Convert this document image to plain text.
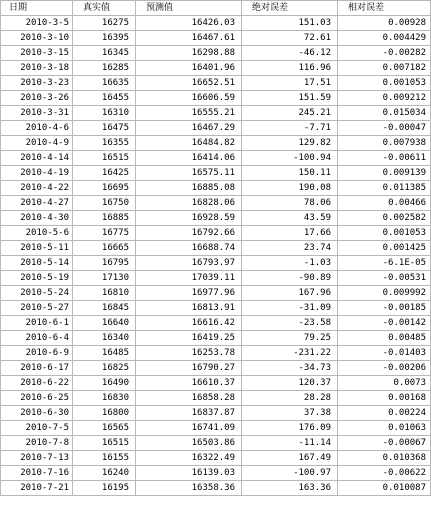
日期	真实值	预测值	绝对误差	相对误差
2010-3-5	16275	16426.03	151.03	0.00928
2010-3-10	16395	16467.61	72.61	0.004429
2010-3-15	16345	16298.88	-46.12	-0.00282
2010-3-18	16285	16401.96	116.96	0.007182
2010-3-23	16635	16652.51	17.51	0.001053
2010-3-26	16455	16606.59	151.59	0.009212
2010-3-31	16310	16555.21	245.21	0.015034
2010-4-6	16475	16467.29	-7.71	-0.00047
2010-4-9	16355	16484.82	129.82	0.007938
2010-4-14	16515	16414.06	-100.94	-0.00611
2010-4-19	16425	16575.11	150.11	0.009139
2010-4-22	16695	16885.08	190.08	0.011385
2010-4-27	16750	16828.06	78.06	0.00466
2010-4-30	16885	16928.59	43.59	0.002582
2010-5-6	16775	16792.66	17.66	0.001053
2010-5-11	16665	16688.74	23.74	0.001425
2010-5-14	16795	16793.97	-1.03	-6.1E-05
2010-5-19	17130	17039.11	-90.89	-0.00531
2010-5-24	16810	16977.96	167.96	0.009992
2010-5-27	16845	16813.91	-31.09	-0.00185
2010-6-1	16640	16616.42	-23.58	-0.00142
2010-6-4	16340	16419.25	79.25	0.00485
2010-6-9	16485	16253.78	-231.22	-0.01403
2010-6-17	16825	16790.27	-34.73	-0.00206
2010-6-22	16490	16610.37	120.37	0.0073
2010-6-25	16830	16858.28	28.28	0.00168
2010-6-30	16800	16837.87	37.38	0.00224
2010-7-5	16565	16741.09	176.09	0.01063
2010-7-8	16515	16503.86	-11.14	-0.00067
2010-7-13	16155	16322.49	167.49	0.010368
2010-7-16	16240	16139.03	-100.97	-0.00622
2010-7-21	16195	16358.36	163.36	0.010087
